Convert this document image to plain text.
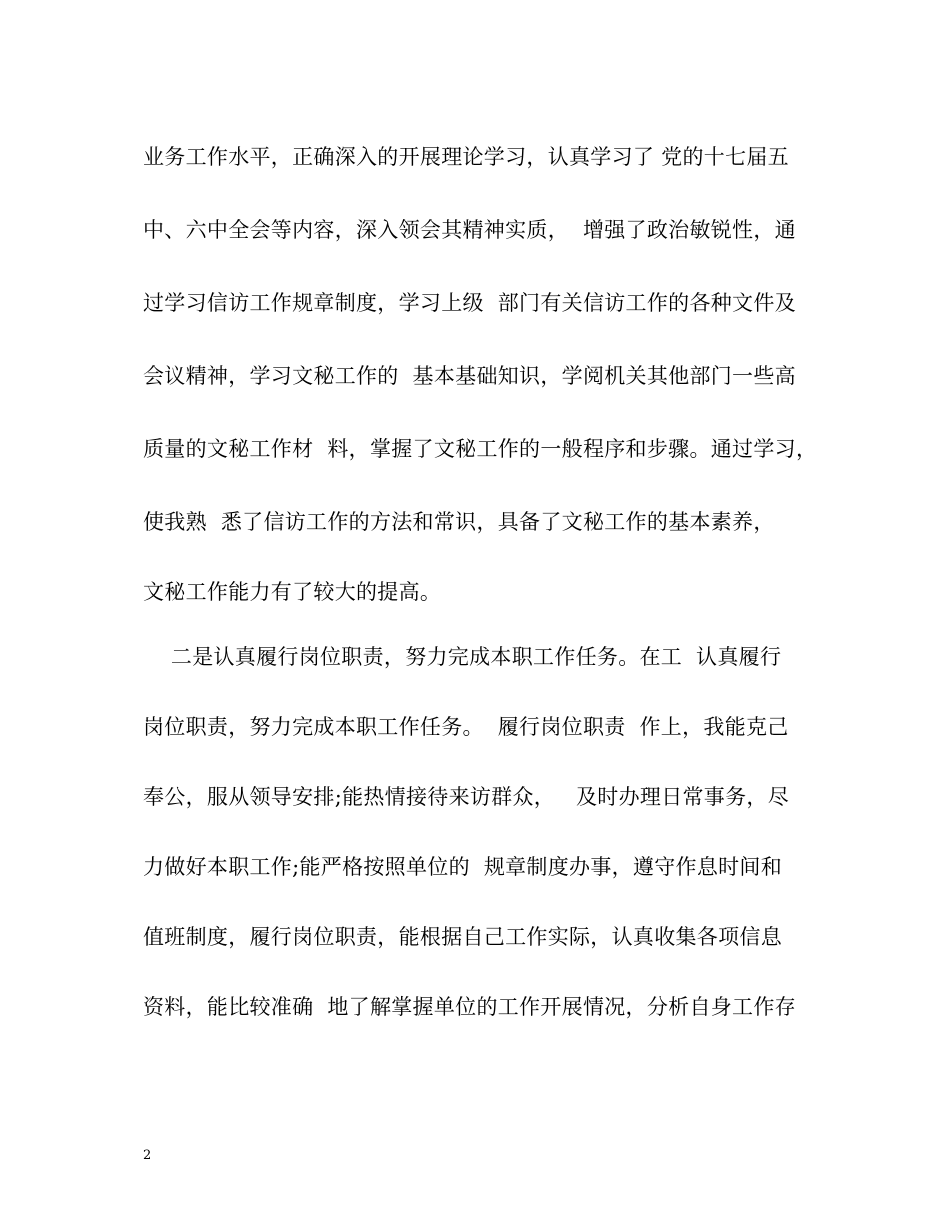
业务工作水平，正确深入的开展理论学习，认真学习了 党的十七届五
中、六中全会等内容，深入领会其精神实质，  增强了政治敏锐性，通
过学习信访工作规章制度，学习上级  部门有关信访工作的各种文件及
会议精神，学习文秘工作的  基本基础知识，学阅机关其他部门一些高
质量的文秘工作材  料，掌握了文秘工作的一般程序和步骤。通过学习，
使我熟  悉了信访工作的方法和常识，具备了文秘工作的基本素养，
文秘工作能力有了较大的提高。
二是认真履行岗位职责，努力完成本职工作任务。在工  认真履行
岗位职责，努力完成本职工作任务。  履行岗位职责  作上，我能克己
奉公，服从领导安排;能热情接待来访群众，   及时办理日常事务，尽
力做好本职工作;能严格按照单位的  规章制度办事，遵守作息时间和
值班制度，履行岗位职责，能根据自己工作实际，认真收集各项信息
资料，能比较准确  地了解掌握单位的工作开展情况，分析自身工作存
2
